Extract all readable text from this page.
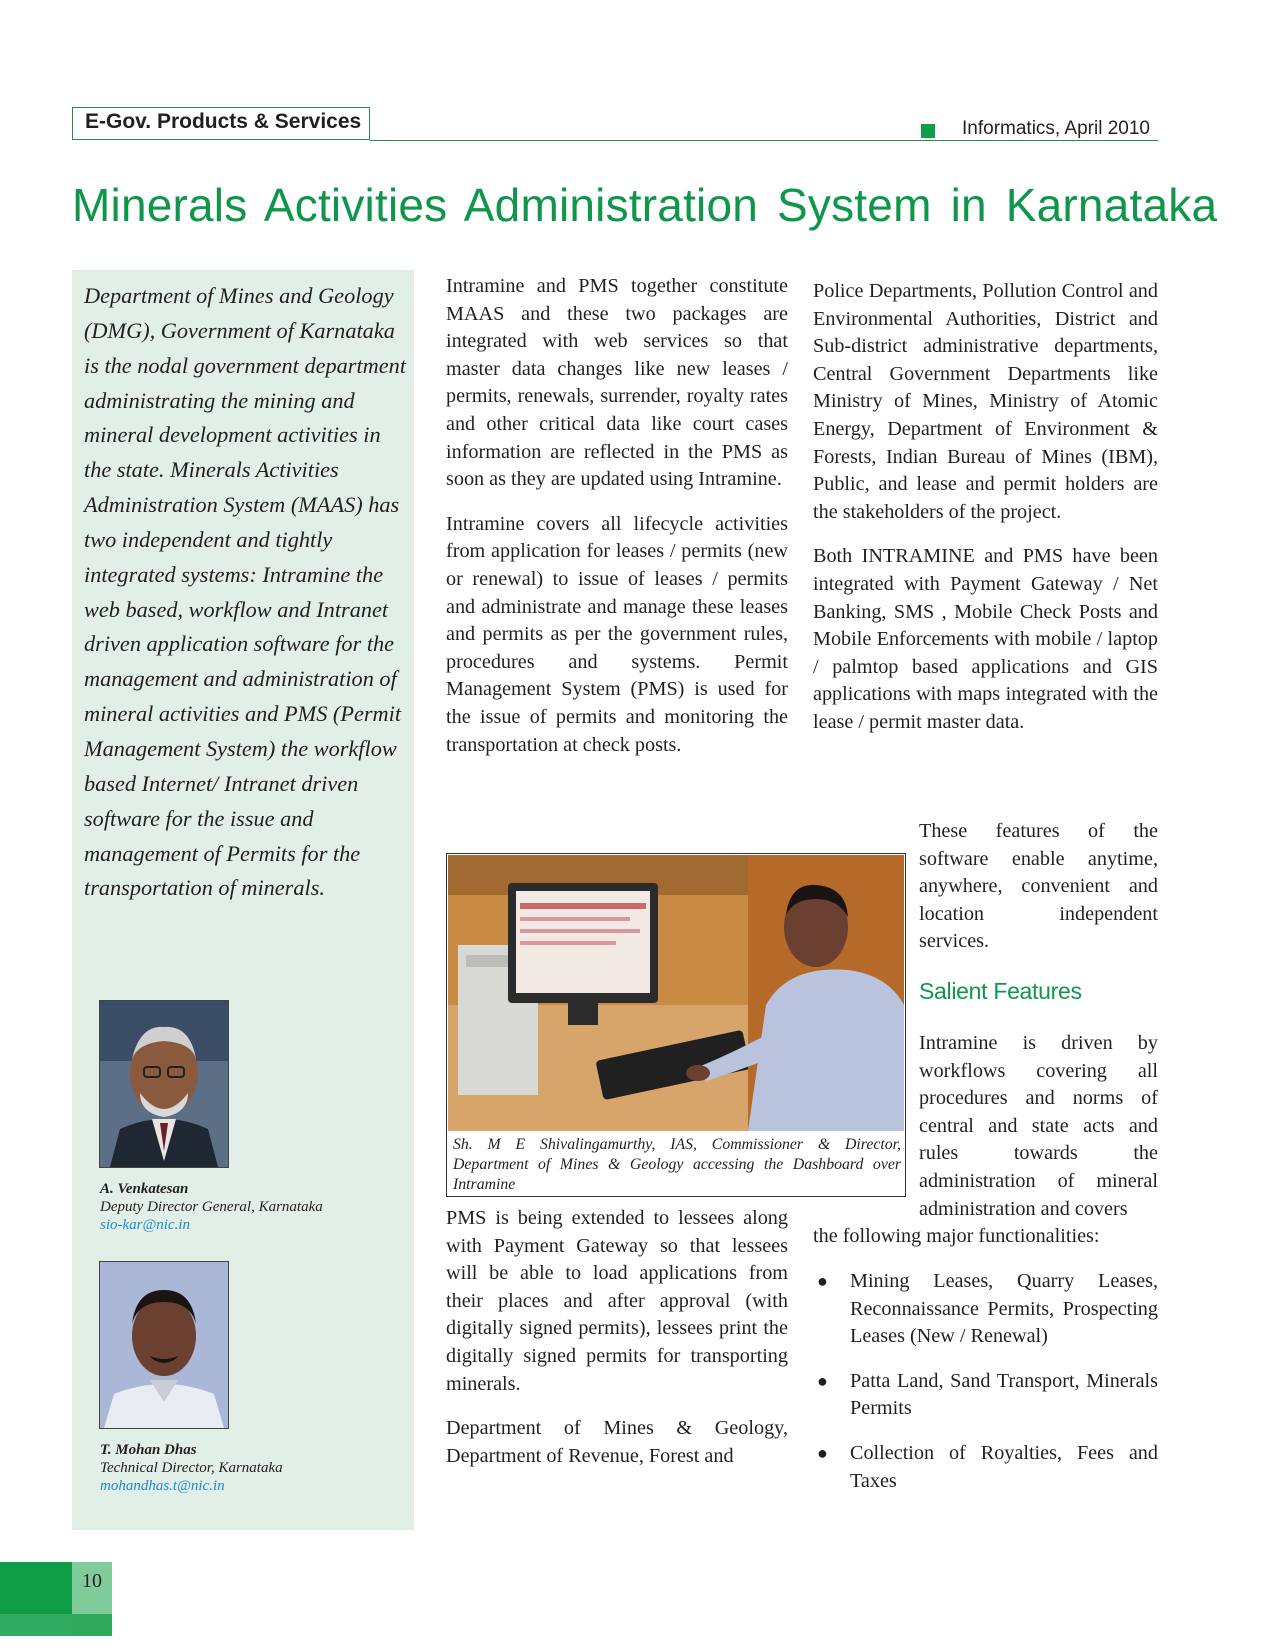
E-Gov. Products & Services	Informatics, April 2010
Minerals Activities Administration System in Karnataka
Department of Mines and Geology (DMG), Government of Karnataka is the nodal government department administrating the mining and mineral development activities in the state. Minerals Activities Administration System (MAAS) has two independent and tightly integrated systems: Intramine the web based, workflow and Intranet driven application software for the management and administration of mineral activities and PMS (Permit Management System) the workflow based Internet/ Intranet driven software for the issue and management of Permits for the transportation of minerals.
A. Venkatesan
Deputy Director General, Karnataka
sio-kar@nic.in
T. Mohan Dhas
Technical Director, Karnataka
mohandhas.t@nic.in

Intramine and PMS together constitute MAAS and these two packages are integrated with web services so that master data changes like new leases / permits, renewals, surrender, royalty rates and other critical data like court cases information are reflected in the PMS as soon as they are updated using Intramine.

Intramine covers all lifecycle activities from application for leases / permits (new or renewal) to issue of leases / permits and administrate and manage these leases and permits as per the government rules, procedures and systems. Permit Management System (PMS) is used for the issue of permits and monitoring the transportation at check posts.

Sh. M E Shivalingamurthy, IAS, Commissioner & Director, Department of Mines & Geology accessing the Dashboard over Intramine

PMS is being extended to lessees along with Payment Gateway so that lessees will be able to load applications from their places and after approval (with digitally signed permits), lessees print the digitally signed permits for transporting minerals.

Department of Mines & Geology, Department of Revenue, Forest and

Police Departments, Pollution Control and Environmental Authorities, District and Sub-district administrative departments, Central Government Departments like Ministry of Mines, Ministry of Atomic Energy, Department of Environment & Forests, Indian Bureau of Mines (IBM), Public, and lease and permit holders are the stakeholders of the project.

Both INTRAMINE and PMS have been integrated with Payment Gateway / Net Banking, SMS , Mobile Check Posts and Mobile Enforcements with mobile / laptop / palmtop based applications and GIS applications with maps integrated with the lease / permit master data.

These features of the software enable anytime, anywhere, convenient and location independent services.

Salient Features

Intramine is driven by workflows covering all procedures and norms of central and state acts and rules towards the administration of mineral administration and covers

the following major functionalities:

● Mining Leases, Quarry Leases, Reconnaissance Permits, Prospecting Leases (New / Renewal)
● Patta Land, Sand Transport, Minerals Permits
● Collection of Royalties, Fees and Taxes
10
